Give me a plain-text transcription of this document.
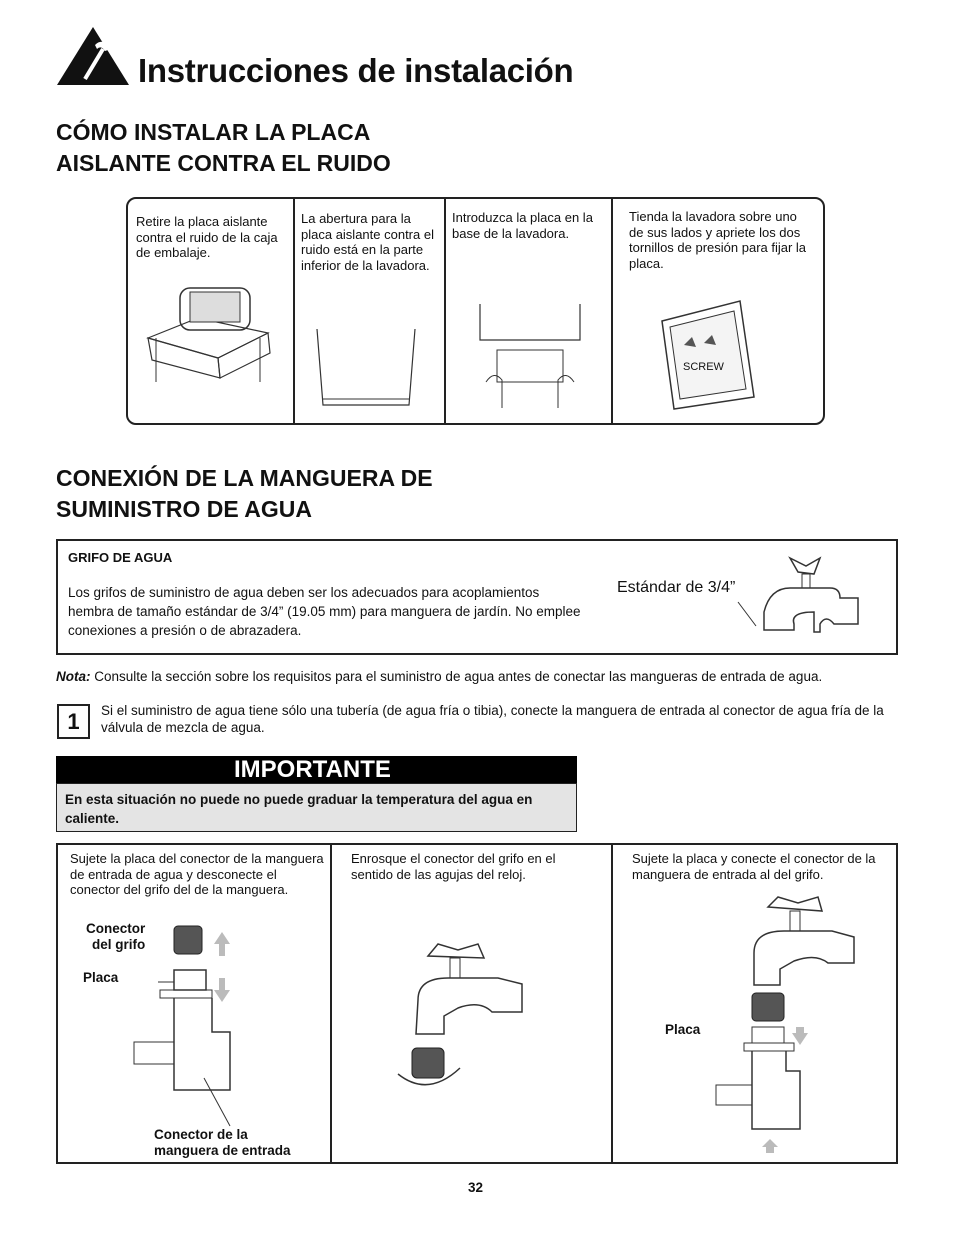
Instrucciones de instalación
CÓMO INSTALAR LA PLACA
AISLANTE CONTRA EL RUIDO
Retire la placa aislante contra el ruido de la caja de embalaje.
La abertura para la placa aislante contra el ruido está en la parte inferior de la lavadora.
Introduzca la placa en la base de la lavadora.
Tienda la lavadora sobre uno de sus lados y apriete los dos tornillos de presión para fijar la placa.
SCREW
CONEXIÓN DE LA MANGUERA DE
SUMINISTRO DE AGUA
GRIFO DE AGUA
Los grifos de suministro de agua deben ser los adecuados para acoplamientos hembra de tamaño estándar de 3/4” (19.05 mm) para manguera de jardín. No emplee conexiones a presión o de abrazadera.
Estándar de 3/4”
Nota: Consulte la sección sobre los requisitos para el suministro de agua antes de conectar las mangueras de entrada de agua.
1	Si el suministro de agua tiene sólo una tubería (de agua fría o tibia), conecte la manguera de entrada al conector de agua fría de la válvula de mezcla de agua.
IMPORTANTE
En esta situación no puede no puede graduar la temperatura del agua en caliente.
Sujete la placa del conector de la manguera de entrada de agua y desconecte el conector del grifo del de la manguera.
Enrosque el conector del grifo en el sentido de las agujas del reloj.
Sujete la placa y conecte el conector de la manguera de entrada al del grifo.
Conector
del grifo
Placa
Conector de la
manguera de entrada
Placa
32
